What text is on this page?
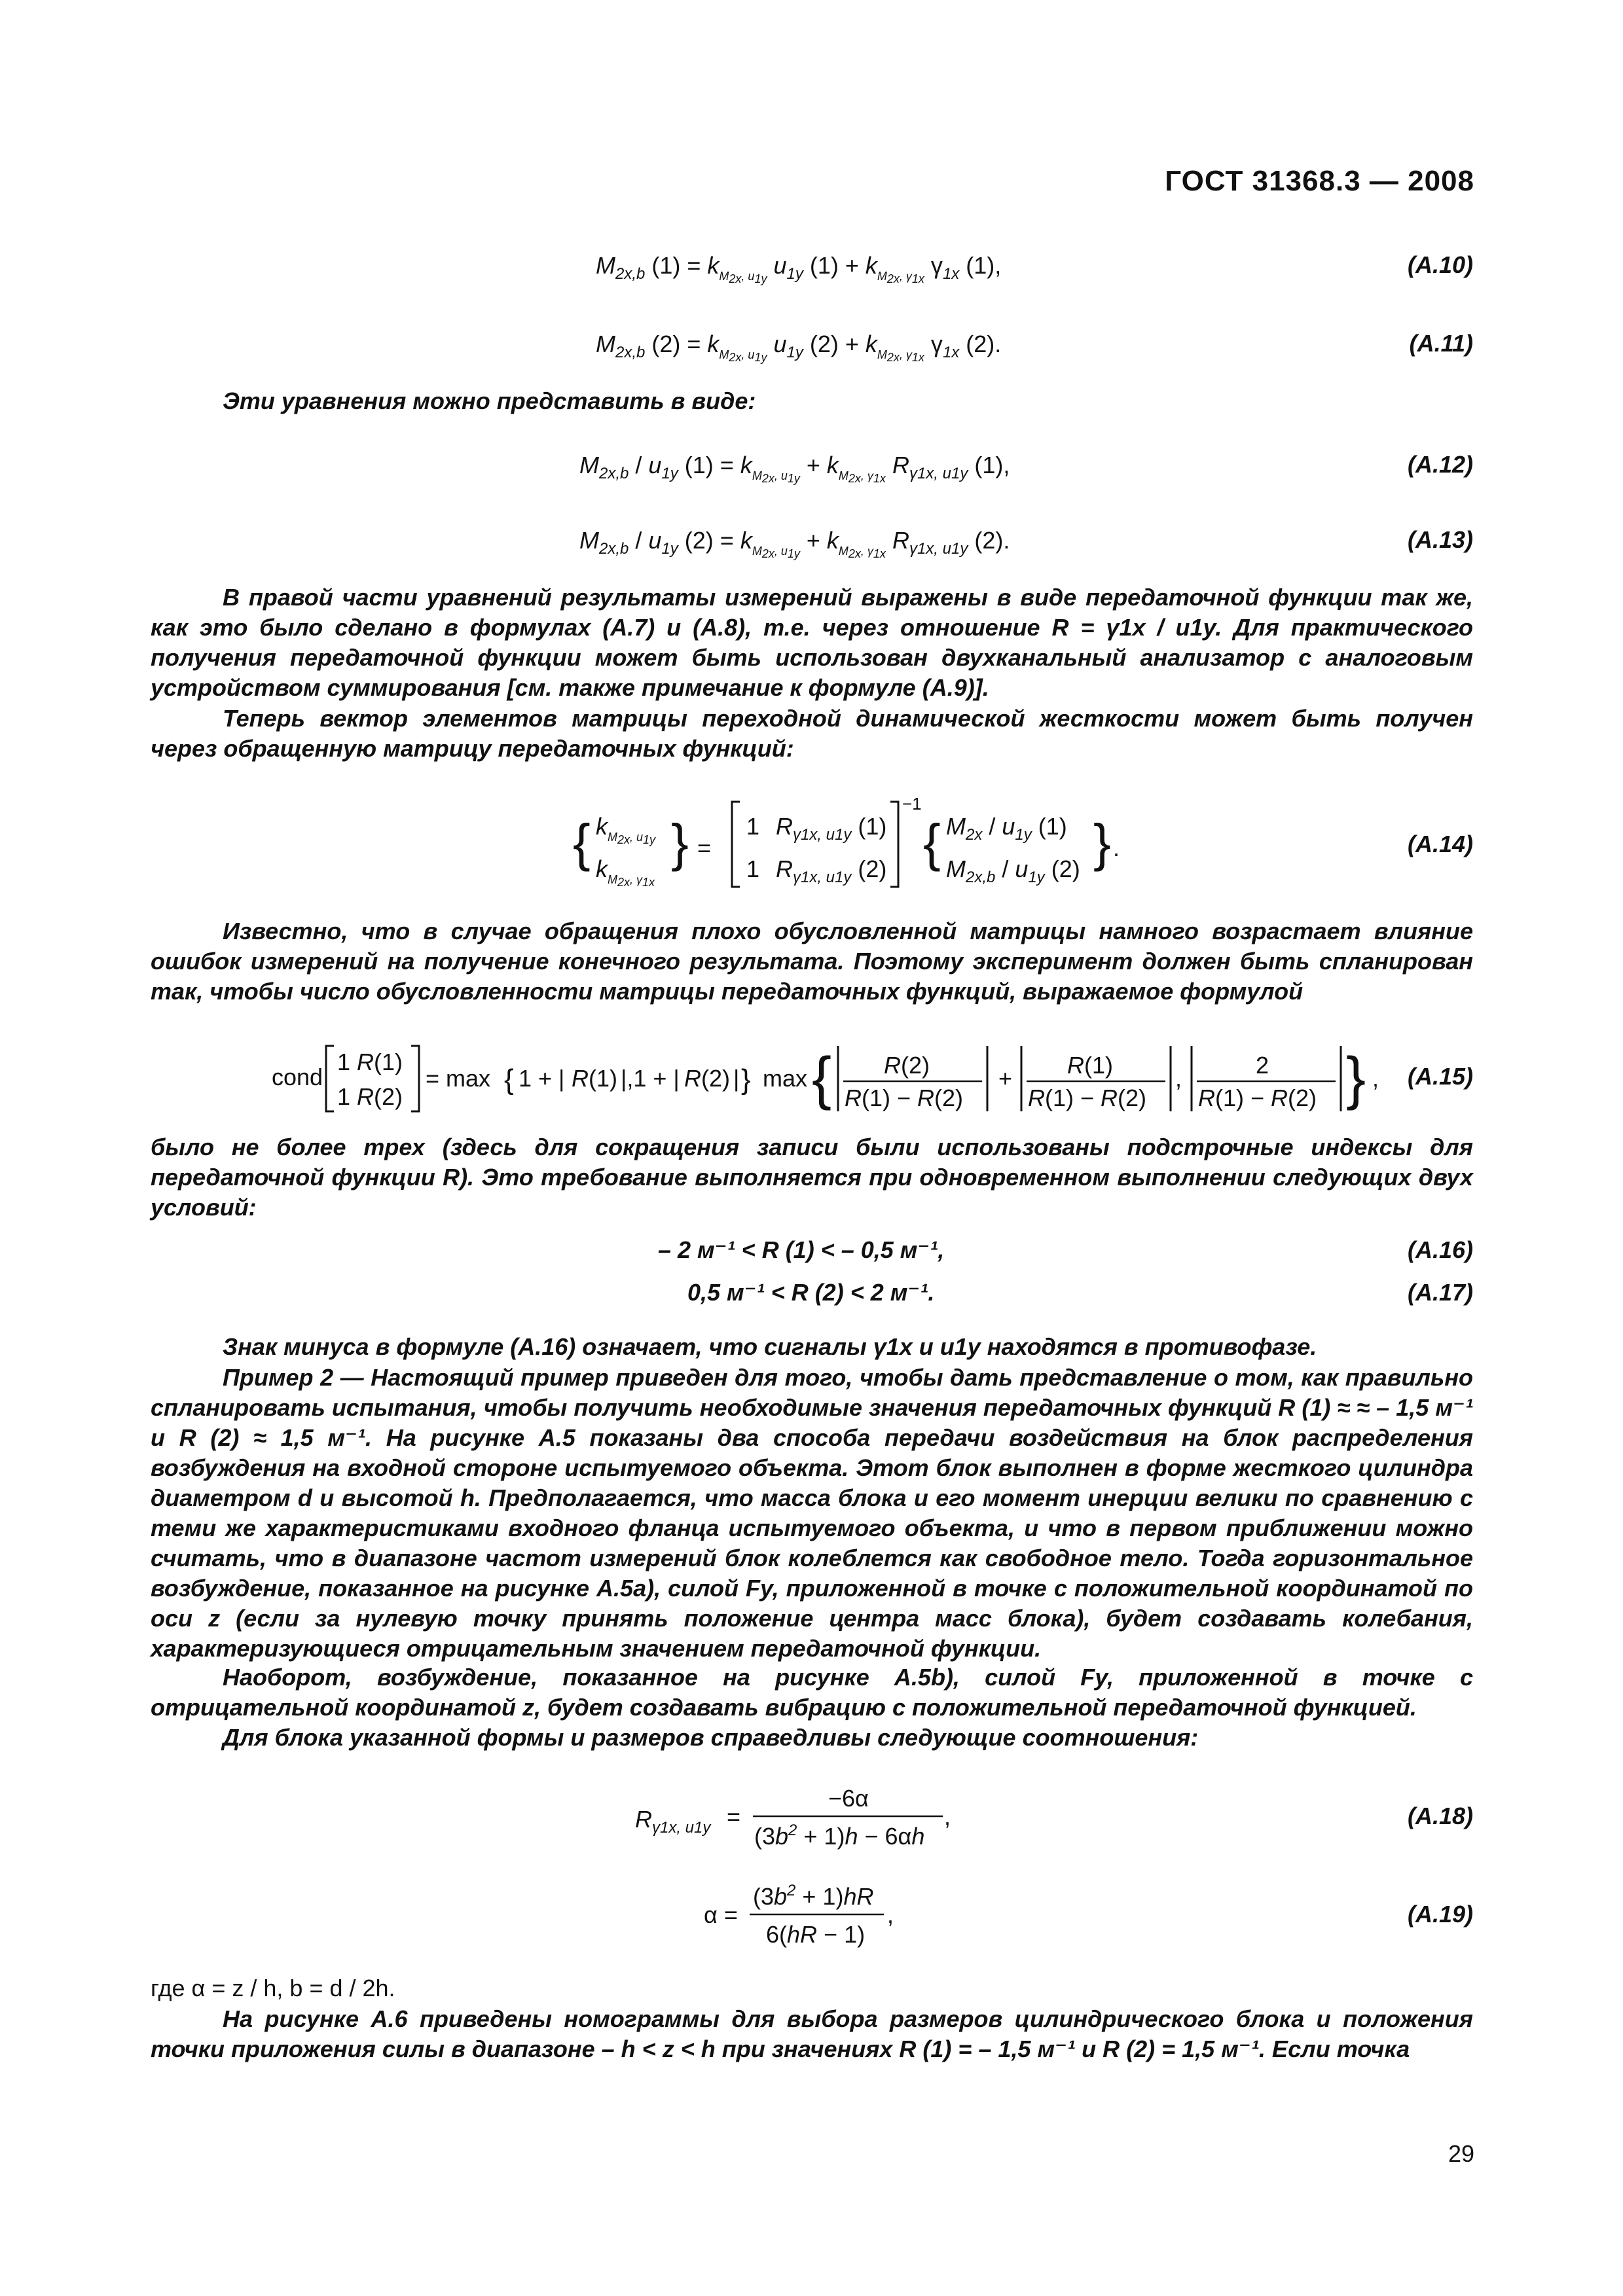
ГОСТ 31368.3 — 2008
$M_{2x,b}$ $(1) = k_M2x$, u1y $u_{1y}$ $(1) + k_M2x$, γ1x $\gamma_{1x}$ (1),	(A.10)
$M_{2x,b}$ $(2) = k_M2x$, u1y $u_{1y}$ $(2) + k_M2x$, γ1x $\gamma_{1x}$ (2).	(A.11)
Эти уравнения можно представить в виде:
$M_{2x,b} / u_{1y}$ $(1) = k_M2x$, $u1y + k_M2x$, γ1x $R_{\gamma 1x, u1y}$ (1),	(A.12)
$M_{2x,b} / u_{1y}$ $(2) = k_M2x$, $u1y + k_M2x$, γ1x $R_{\gamma 1x, u1y}$ (2).	(A.13)
В правой части уравнений результаты измерений выражены в виде передаточной функции так же, как это было сделано в формулах (A.7) и (A.8), т.е. через отношение R = γ1x / u1y. Для практического получения передаточной функции может быть использован двухканальный анализатор с аналоговым устройством суммирования [см. также примечание к формуле (A.9)].
Теперь вектор элементов матрицы переходной динамической жесткости может быть получен через обращенную матрицу передаточных функций:
{ $k_M2x$, u1y
$k_M2x$, γ1x
} =
1 $R_{\gamma 1x, u1y}$ (1)
1 $R_{\gamma 1x, u1y}$ (2)
−1
{ $M_{2x} / u_{1y}$ (1)
$M_{2x,b} / u_{1y}$ (2) } .	(A.14)
Известно, что в случае обращения плохо обусловленной матрицы намного возрастает влияние ошибок измерений на получение конечного результата. Поэтому эксперимент должен быть спланирован так, чтобы число обусловленности матрицы передаточных функций, выражаемое формулой
cond
1 R(1)
1 R(2)
= max { 1 + | R(1) |,1 + | R(2) | } max { R(2)
R(1) − R(2)
+ R(1)
R(1) − R(2)
,	2
R(1) − R(2) } , (A.15)
было не более трех (здесь для сокращения записи были использованы подстрочные индексы для передаточной функции R). Это требование выполняется при одновременном выполнении следующих двух условий:
– 2 м⁻¹ < R (1) < – 0,5 м⁻¹,	(A.16)
0,5 м⁻¹ < R (2) < 2 м⁻¹.	(A.17)
Знак минуса в формуле (A.16) означает, что сигналы γ1x и u1y находятся в противофазе.
Пример 2 — Настоящий пример приведен для того, чтобы дать представление о том, как правильно спланировать испытания, чтобы получить необходимые значения передаточных функций R (1) ≈ ≈ – 1,5 м⁻¹ и R (2) ≈ 1,5 м⁻¹. На рисунке A.5 показаны два способа передачи воздействия на блок распределения возбуждения на входной стороне испытуемого объекта. Этот блок выполнен в форме жесткого цилиндра диаметром d и высотой h. Предполагается, что масса блока и его момент инерции велики по сравнению с теми же характеристиками входного фланца испытуемого объекта, и что в первом приближении можно считать, что в диапазоне частот измерений блок колеблется как свободное тело. Тогда горизонтальное возбуждение, показанное на рисунке A.5a), силой Fy, приложенной в точке с положительной координатой по оси z (если за нулевую точку принять положение центра масс блока), будет создавать колебания, характеризующиеся отрицательным значением передаточной функции.
Наоборот, возбуждение, показанное на рисунке A.5b), силой Fy, приложенной в точке с отрицательной координатой z, будет создавать вибрацию с положительной передаточной функцией.
Для блока указанной формы и размеров справедливы следующие соотношения:
$R_{\gamma 1x, u1y}$ =
−6α
$(3b^2 + 1)h - 6\alpha h$
,	(A.18)
α =
$(3b^2 + 1)hR$
6(hR − 1)
,	(A.19)
где α = z / h, b = d / 2h.
На рисунке A.6 приведены номограммы для выбора размеров цилиндрического блока и положения точки приложения силы в диапазоне – h < z < h при значениях R (1) = – 1,5 м⁻¹ и R (2) = 1,5 м⁻¹. Если точка
29
